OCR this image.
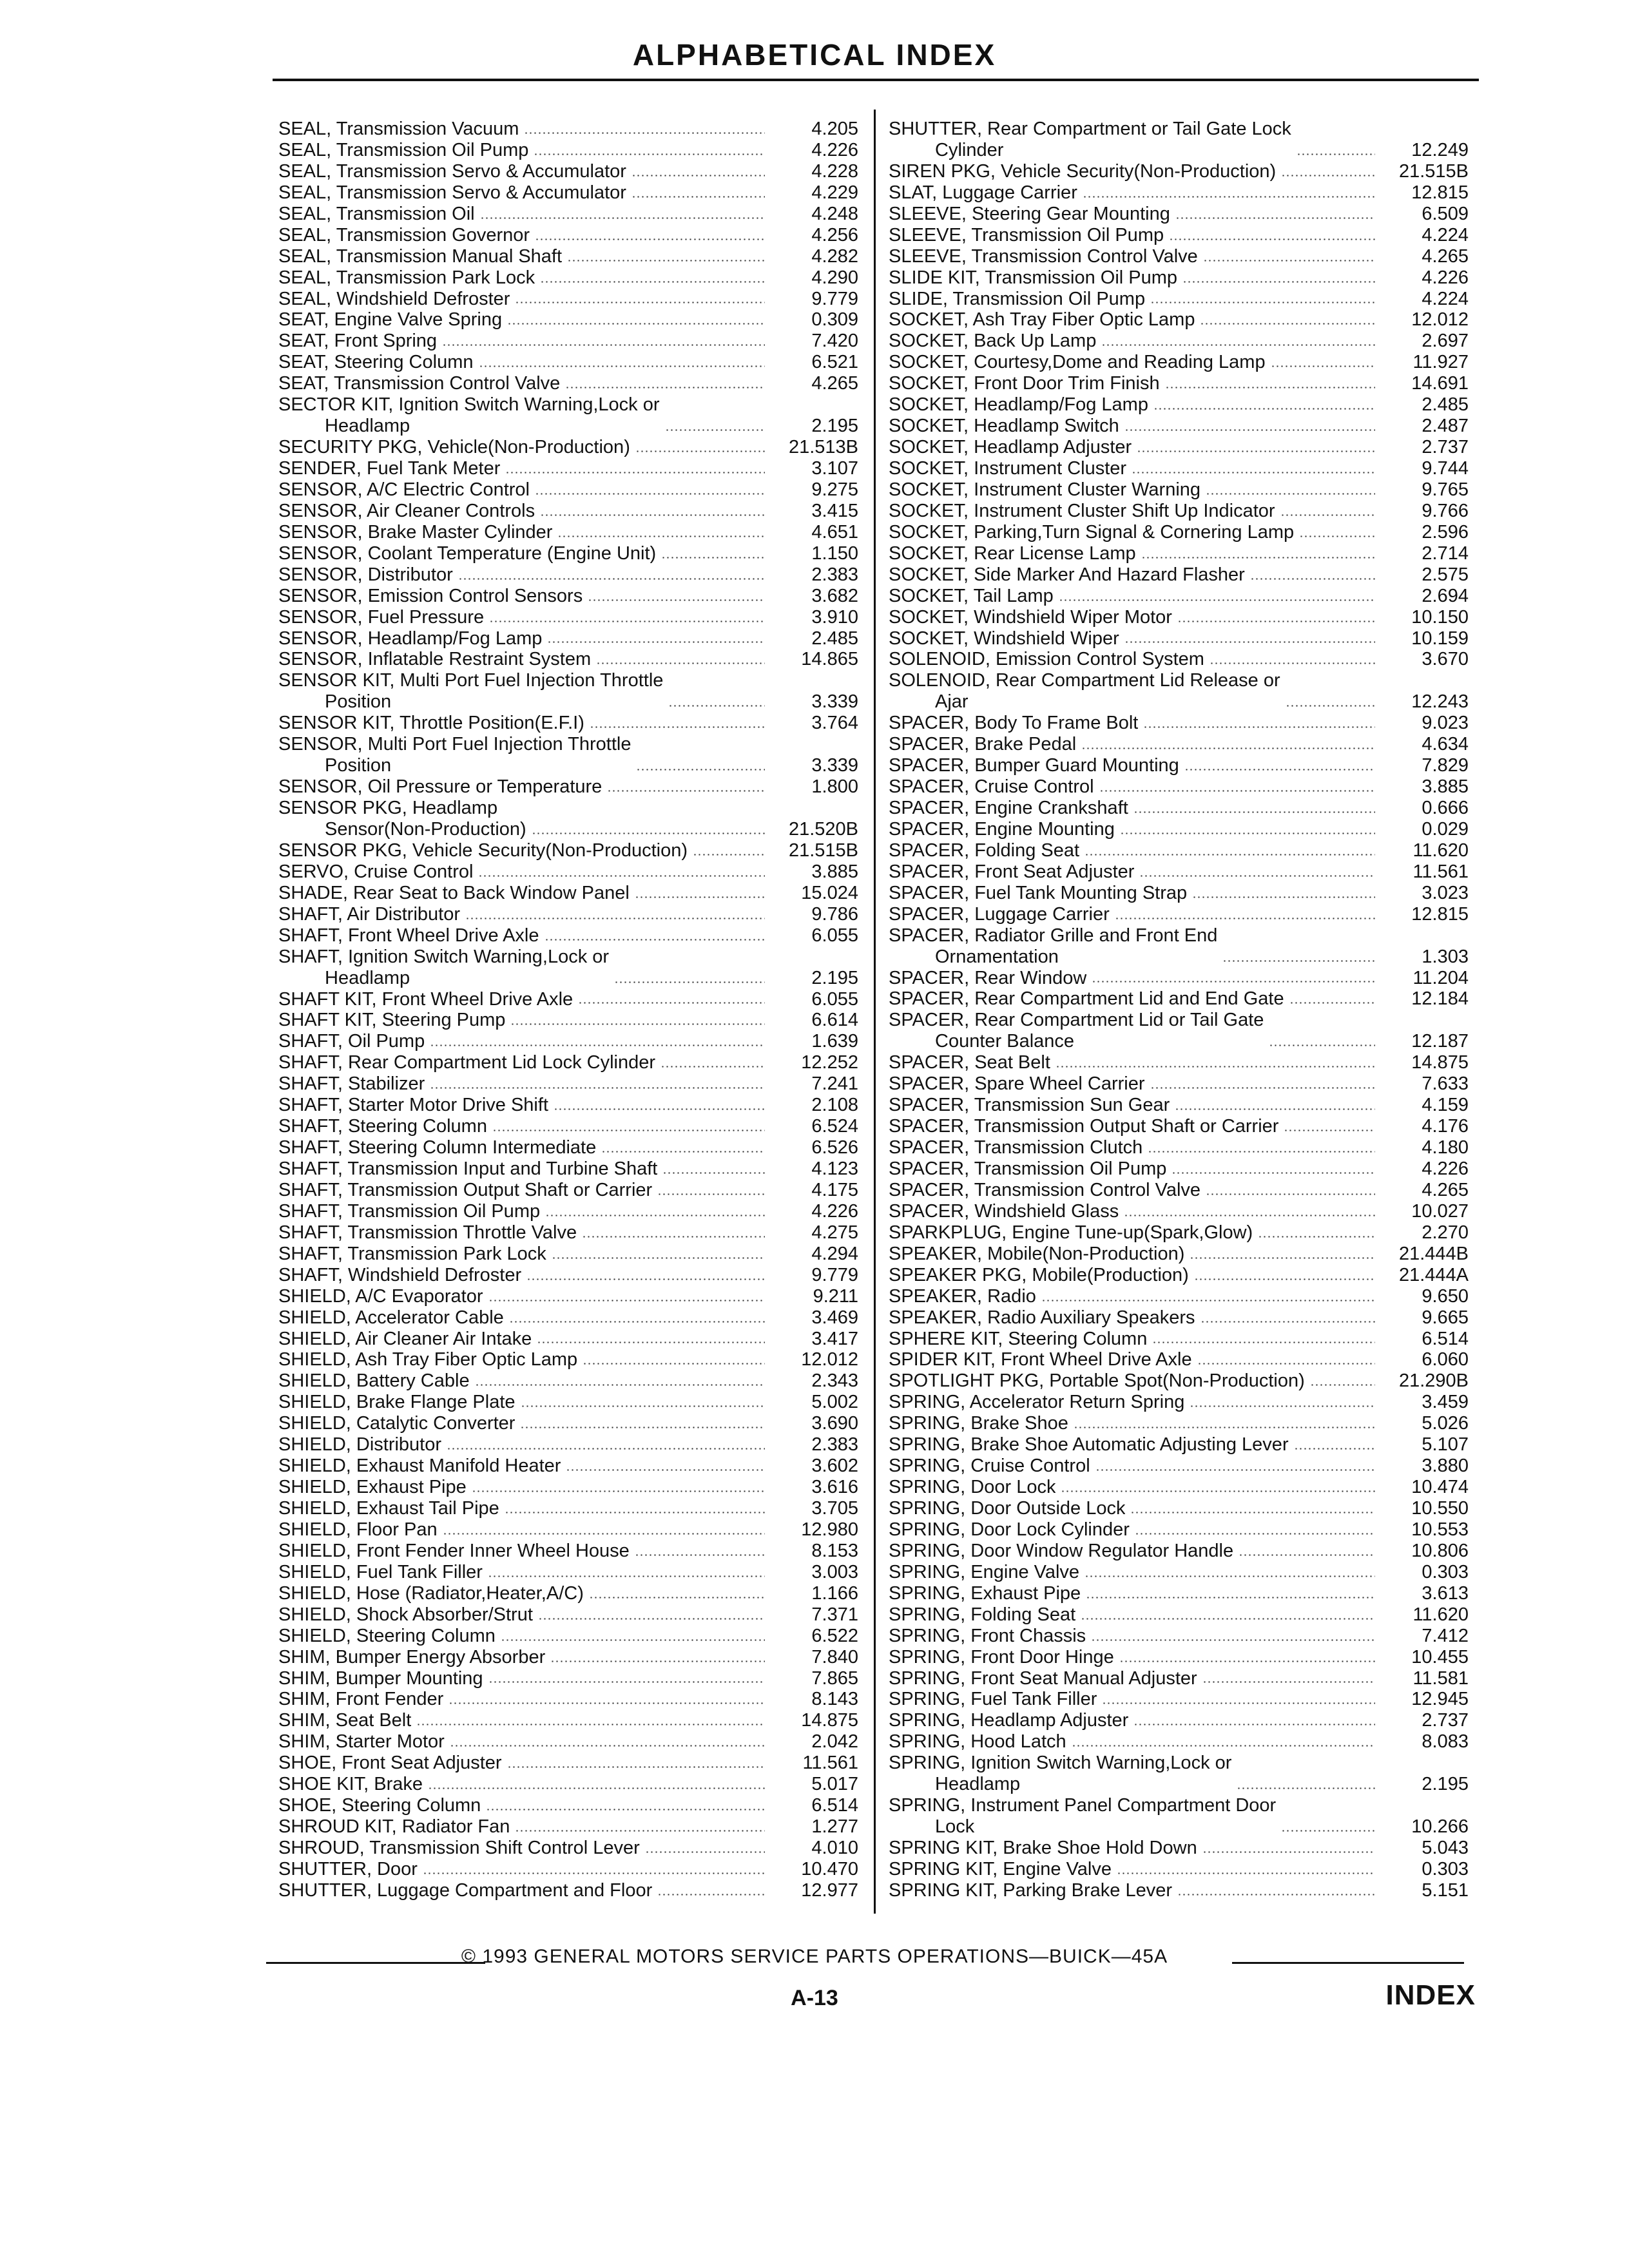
ALPHABETICAL INDEX
SEAL, Transmission Vacuum	4.205
SEAL, Transmission Oil Pump	4.226
SEAL, Transmission Servo & Accumulator	4.228
SEAL, Transmission Servo & Accumulator	4.229
SEAL, Transmission Oil	4.248
SEAL, Transmission Governor	4.256
SEAL, Transmission Manual Shaft	4.282
SEAL, Transmission Park Lock	4.290
SEAL, Windshield Defroster	9.779
SEAT, Engine Valve Spring	0.309
SEAT, Front Spring	7.420
SEAT, Steering Column	6.521
SEAT, Transmission Control Valve	4.265
SECTOR KIT, Ignition Switch Warning,Lock or
Headlamp	2.195
SECURITY PKG, Vehicle(Non-Production)	21.513B
SENDER, Fuel Tank Meter	3.107
SENSOR, A/C Electric Control	9.275
SENSOR, Air Cleaner Controls	3.415
SENSOR, Brake Master Cylinder	4.651
SENSOR, Coolant Temperature (Engine Unit)	1.150
SENSOR, Distributor	2.383
SENSOR, Emission Control Sensors	3.682
SENSOR, Fuel Pressure	3.910
SENSOR, Headlamp/Fog Lamp	2.485
SENSOR, Inflatable Restraint System	14.865
SENSOR KIT, Multi Port Fuel Injection Throttle
Position	3.339
SENSOR KIT, Throttle Position(E.F.I)	3.764
SENSOR, Multi Port Fuel Injection Throttle
Position	3.339
SENSOR, Oil Pressure or Temperature	1.800
SENSOR PKG, Headlamp
Sensor(Non-Production)	21.520B
SENSOR PKG, Vehicle Security(Non-Production)	21.515B
SERVO, Cruise Control	3.885
SHADE, Rear Seat to Back Window Panel	15.024
SHAFT, Air Distributor	9.786
SHAFT, Front Wheel Drive Axle	6.055
SHAFT, Ignition Switch Warning,Lock or
Headlamp	2.195
SHAFT KIT, Front Wheel Drive Axle	6.055
SHAFT KIT, Steering Pump	6.614
SHAFT, Oil Pump	1.639
SHAFT, Rear Compartment Lid Lock Cylinder	12.252
SHAFT, Stabilizer	7.241
SHAFT, Starter Motor Drive Shift	2.108
SHAFT, Steering Column	6.524
SHAFT, Steering Column Intermediate	6.526
SHAFT, Transmission Input and Turbine Shaft	4.123
SHAFT, Transmission Output Shaft or Carrier	4.175
SHAFT, Transmission Oil Pump	4.226
SHAFT, Transmission Throttle Valve	4.275
SHAFT, Transmission Park Lock	4.294
SHAFT, Windshield Defroster	9.779
SHIELD, A/C Evaporator	9.211
SHIELD, Accelerator Cable	3.469
SHIELD, Air Cleaner Air Intake	3.417
SHIELD, Ash Tray Fiber Optic Lamp	12.012
SHIELD, Battery Cable	2.343
SHIELD, Brake Flange Plate	5.002
SHIELD, Catalytic Converter	3.690
SHIELD, Distributor	2.383
SHIELD, Exhaust Manifold Heater	3.602
SHIELD, Exhaust Pipe	3.616
SHIELD, Exhaust Tail Pipe	3.705
SHIELD, Floor Pan	12.980
SHIELD, Front Fender Inner Wheel House	8.153
SHIELD, Fuel Tank Filler	3.003
SHIELD, Hose (Radiator,Heater,A/C)	1.166
SHIELD, Shock Absorber/Strut	7.371
SHIELD, Steering Column	6.522
SHIM, Bumper Energy Absorber	7.840
SHIM, Bumper Mounting	7.865
SHIM, Front Fender	8.143
SHIM, Seat Belt	14.875
SHIM, Starter Motor	2.042
SHOE, Front Seat Adjuster	11.561
SHOE KIT, Brake	5.017
SHOE, Steering Column	6.514
SHROUD KIT, Radiator Fan	1.277
SHROUD, Transmission Shift Control Lever	4.010
SHUTTER, Door	10.470
SHUTTER, Luggage Compartment and Floor	12.977
SHUTTER, Rear Compartment or Tail Gate Lock
Cylinder	12.249
SIREN PKG, Vehicle Security(Non-Production)	21.515B
SLAT, Luggage Carrier	12.815
SLEEVE, Steering Gear Mounting	6.509
SLEEVE, Transmission Oil Pump	4.224
SLEEVE, Transmission Control Valve	4.265
SLIDE KIT, Transmission Oil Pump	4.226
SLIDE, Transmission Oil Pump	4.224
SOCKET, Ash Tray Fiber Optic Lamp	12.012
SOCKET, Back Up Lamp	2.697
SOCKET, Courtesy,Dome and Reading Lamp	11.927
SOCKET, Front Door Trim Finish	14.691
SOCKET, Headlamp/Fog Lamp	2.485
SOCKET, Headlamp Switch	2.487
SOCKET, Headlamp Adjuster	2.737
SOCKET, Instrument Cluster	9.744
SOCKET, Instrument Cluster Warning	9.765
SOCKET, Instrument Cluster Shift Up Indicator	9.766
SOCKET, Parking,Turn Signal & Cornering Lamp	2.596
SOCKET, Rear License Lamp	2.714
SOCKET, Side Marker And Hazard Flasher	2.575
SOCKET, Tail Lamp	2.694
SOCKET, Windshield Wiper Motor	10.150
SOCKET, Windshield Wiper	10.159
SOLENOID, Emission Control System	3.670
SOLENOID, Rear Compartment Lid Release or
Ajar	12.243
SPACER, Body To Frame Bolt	9.023
SPACER, Brake Pedal	4.634
SPACER, Bumper Guard Mounting	7.829
SPACER, Cruise Control	3.885
SPACER, Engine Crankshaft	0.666
SPACER, Engine Mounting	0.029
SPACER, Folding Seat	11.620
SPACER, Front Seat Adjuster	11.561
SPACER, Fuel Tank Mounting Strap	3.023
SPACER, Luggage Carrier	12.815
SPACER, Radiator Grille and Front End
Ornamentation	1.303
SPACER, Rear Window	11.204
SPACER, Rear Compartment Lid and End Gate	12.184
SPACER, Rear Compartment Lid or Tail Gate
Counter Balance	12.187
SPACER, Seat Belt	14.875
SPACER, Spare Wheel Carrier	7.633
SPACER, Transmission Sun Gear	4.159
SPACER, Transmission Output Shaft or Carrier	4.176
SPACER, Transmission Clutch	4.180
SPACER, Transmission Oil Pump	4.226
SPACER, Transmission Control Valve	4.265
SPACER, Windshield Glass	10.027
SPARKPLUG, Engine Tune-up(Spark,Glow)	2.270
SPEAKER, Mobile(Non-Production)	21.444B
SPEAKER PKG, Mobile(Production)	21.444A
SPEAKER, Radio	9.650
SPEAKER, Radio Auxiliary Speakers	9.665
SPHERE KIT, Steering Column	6.514
SPIDER KIT, Front Wheel Drive Axle	6.060
SPOTLIGHT PKG, Portable Spot(Non-Production)	21.290B
SPRING, Accelerator Return Spring	3.459
SPRING, Brake Shoe	5.026
SPRING, Brake Shoe Automatic Adjusting Lever	5.107
SPRING, Cruise Control	3.880
SPRING, Door Lock	10.474
SPRING, Door Outside Lock	10.550
SPRING, Door Lock Cylinder	10.553
SPRING, Door Window Regulator Handle	10.806
SPRING, Engine Valve	0.303
SPRING, Exhaust Pipe	3.613
SPRING, Folding Seat	11.620
SPRING, Front Chassis	7.412
SPRING, Front Door Hinge	10.455
SPRING, Front Seat Manual Adjuster	11.581
SPRING, Fuel Tank Filler	12.945
SPRING, Headlamp Adjuster	2.737
SPRING, Hood Latch	8.083
SPRING, Ignition Switch Warning,Lock or
Headlamp	2.195
SPRING, Instrument Panel Compartment Door
Lock	10.266
SPRING KIT, Brake Shoe Hold Down	5.043
SPRING KIT, Engine Valve	0.303
SPRING KIT, Parking Brake Lever	5.151
© 1993 GENERAL MOTORS SERVICE PARTS OPERATIONS—BUICK—45A
A-13	INDEX
